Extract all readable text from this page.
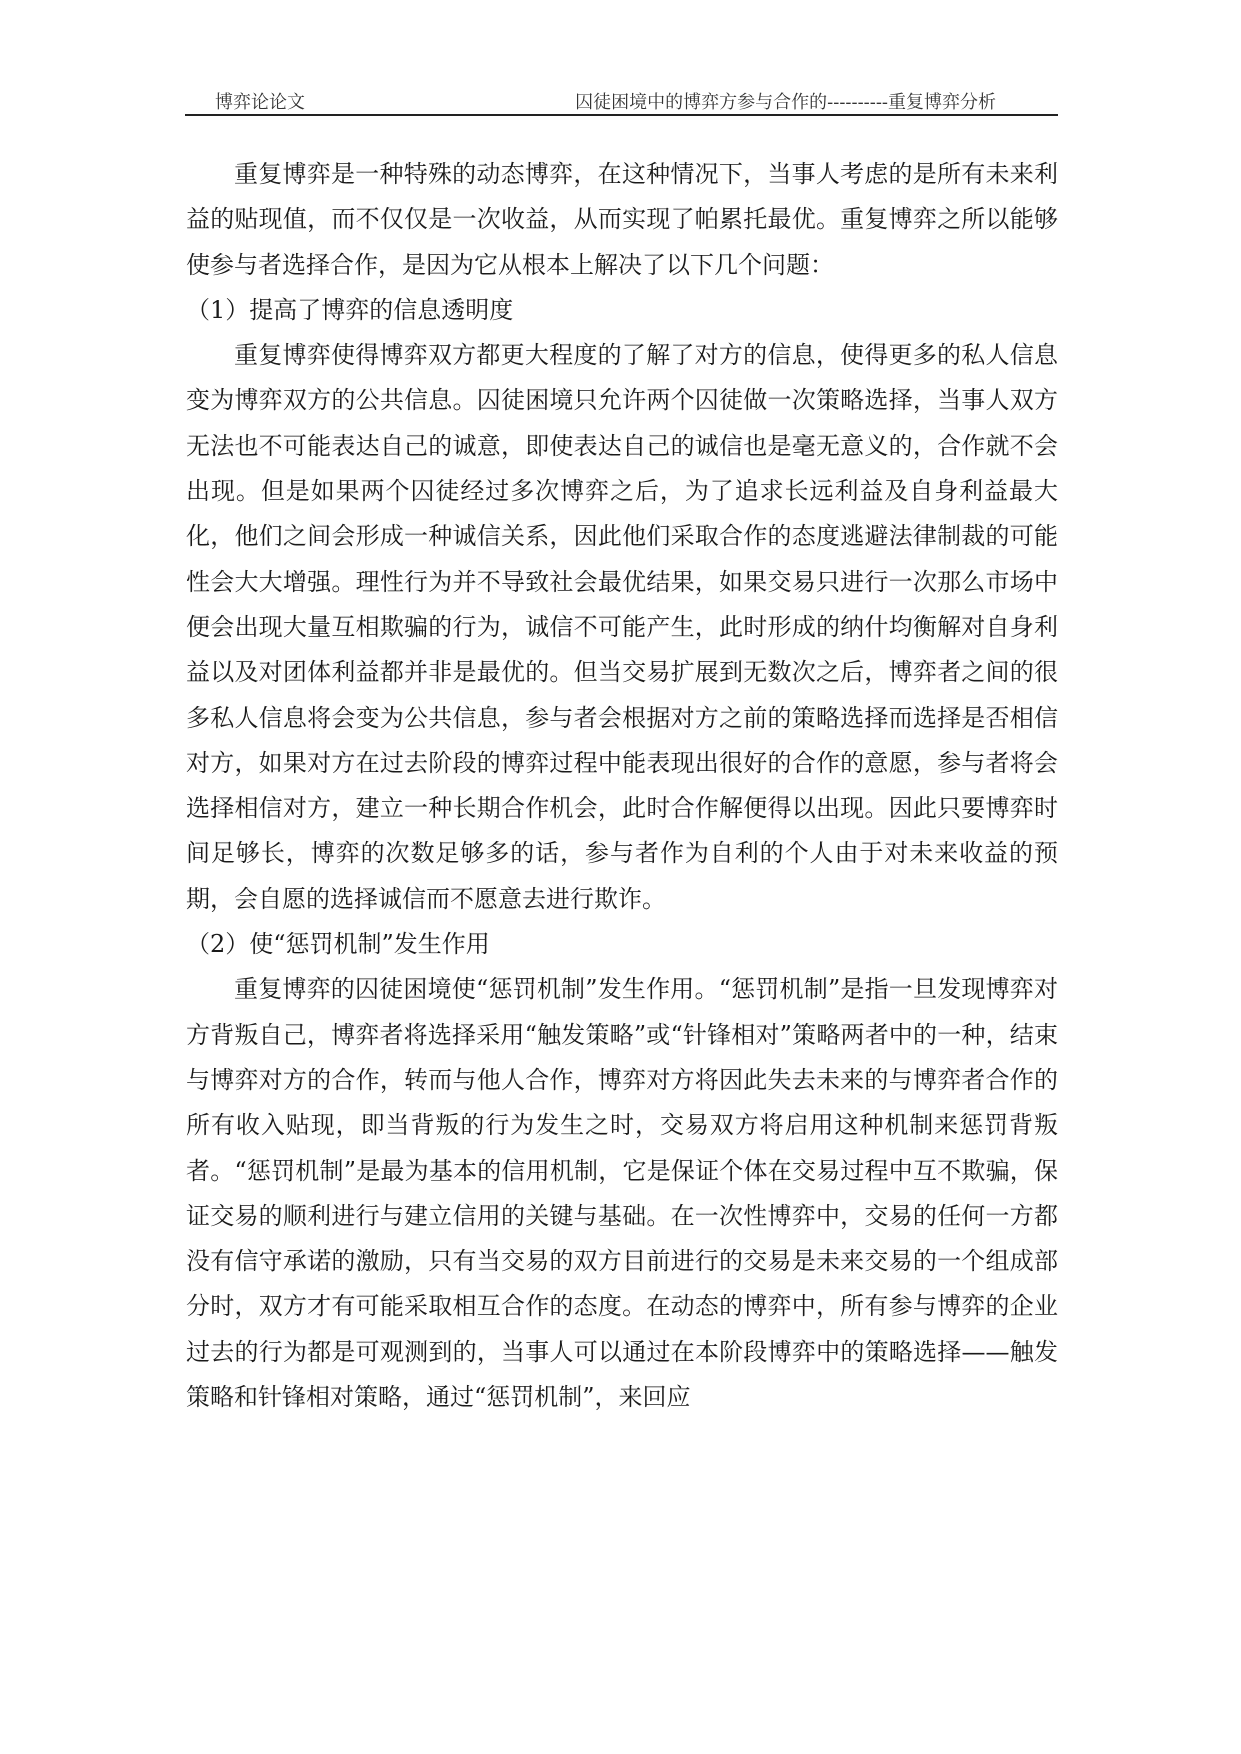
博弈论论文	囚徒困境中的博弈方参与合作的----------重复博弈分析

重复博弈是一种特殊的动态博弈，在这种情况下，当事人考虑的是所有未来利益的贴现值，而不仅仅是一次收益，从而实现了帕累托最优。重复博弈之所以能够使参与者选择合作，是因为它从根本上解决了以下几个问题：

（1）提高了博弈的信息透明度

重复博弈使得博弈双方都更大程度的了解了对方的信息，使得更多的私人信息变为博弈双方的公共信息。囚徒困境只允许两个囚徒做一次策略选择，当事人双方无法也不可能表达自己的诚意，即使表达自己的诚信也是毫无意义的，合作就不会出现。但是如果两个囚徒经过多次博弈之后，为了追求长远利益及自身利益最大化，他们之间会形成一种诚信关系，因此他们采取合作的态度逃避法律制裁的可能性会大大增强。理性行为并不导致社会最优结果，如果交易只进行一次那么市场中便会出现大量互相欺骗的行为，诚信不可能产生，此时形成的纳什均衡解对自身利益以及对团体利益都并非是最优的。但当交易扩展到无数次之后，博弈者之间的很多私人信息将会变为公共信息，参与者会根据对方之前的策略选择而选择是否相信对方，如果对方在过去阶段的博弈过程中能表现出很好的合作的意愿，参与者将会选择相信对方，建立一种长期合作机会，此时合作解便得以出现。因此只要博弈时间足够长，博弈的次数足够多的话，参与者作为自利的个人由于对未来收益的预期，会自愿的选择诚信而不愿意去进行欺诈。

（2）使“惩罚机制”发生作用

重复博弈的囚徒困境使“惩罚机制”发生作用。“惩罚机制”是指一旦发现博弈对方背叛自己，博弈者将选择采用“触发策略”或“针锋相对”策略两者中的一种，结束与博弈对方的合作，转而与他人合作，博弈对方将因此失去未来的与博弈者合作的所有收入贴现，即当背叛的行为发生之时，交易双方将启用这种机制来惩罚背叛者。“惩罚机制”是最为基本的信用机制，它是保证个体在交易过程中互不欺骗，保证交易的顺利进行与建立信用的关键与基础。在一次性博弈中，交易的任何一方都没有信守承诺的激励，只有当交易的双方目前进行的交易是未来交易的一个组成部分时，双方才有可能采取相互合作的态度。在动态的博弈中，所有参与博弈的企业过去的行为都是可观测到的，当事人可以通过在本阶段博弈中的策略选择——触发策略和针锋相对策略，通过“惩罚机制”，来回应
